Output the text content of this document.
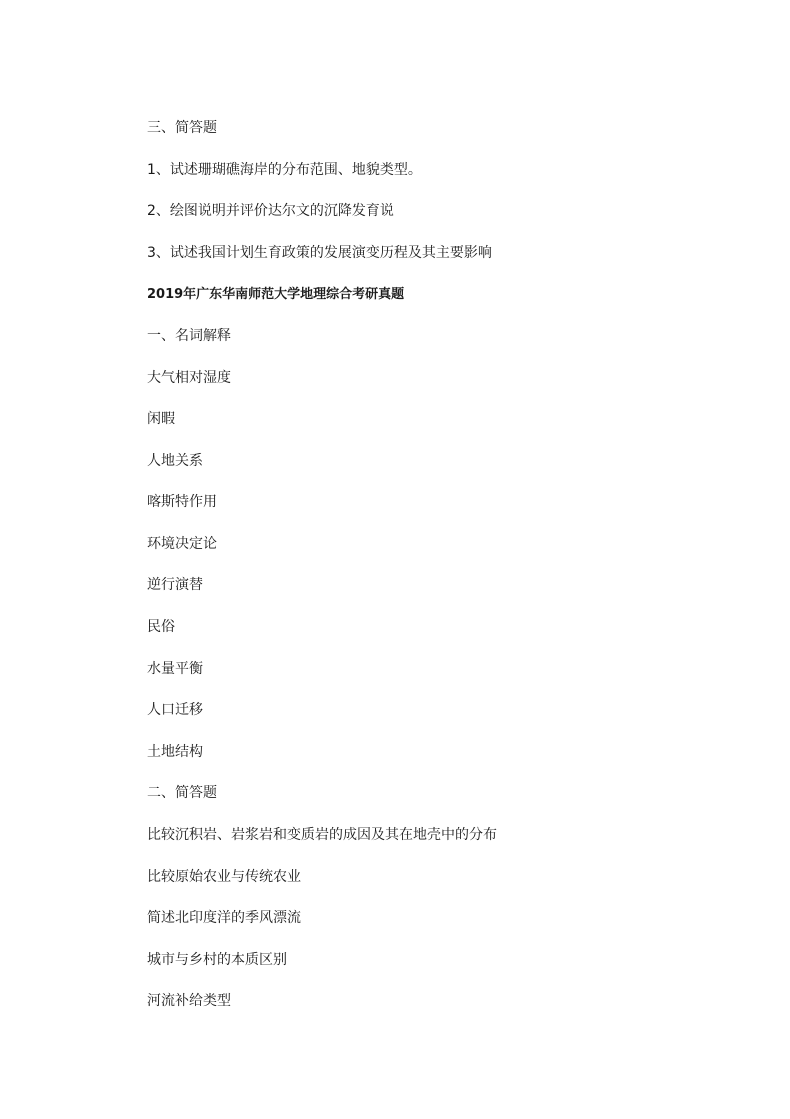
三、简答题
1、试述珊瑚礁海岸的分布范围、地貌类型。
2、绘图说明并评价达尔文的沉降发育说
3、试述我国计划生育政策的发展演变历程及其主要影响
2019年广东华南师范大学地理综合考研真题
一、名词解释
大气相对湿度
闲暇
人地关系
喀斯特作用
环境决定论
逆行演替
民俗
水量平衡
人口迁移
土地结构
二、简答题
比较沉积岩、岩浆岩和变质岩的成因及其在地壳中的分布
比较原始农业与传统农业
简述北印度洋的季风漂流
城市与乡村的本质区别
河流补给类型
